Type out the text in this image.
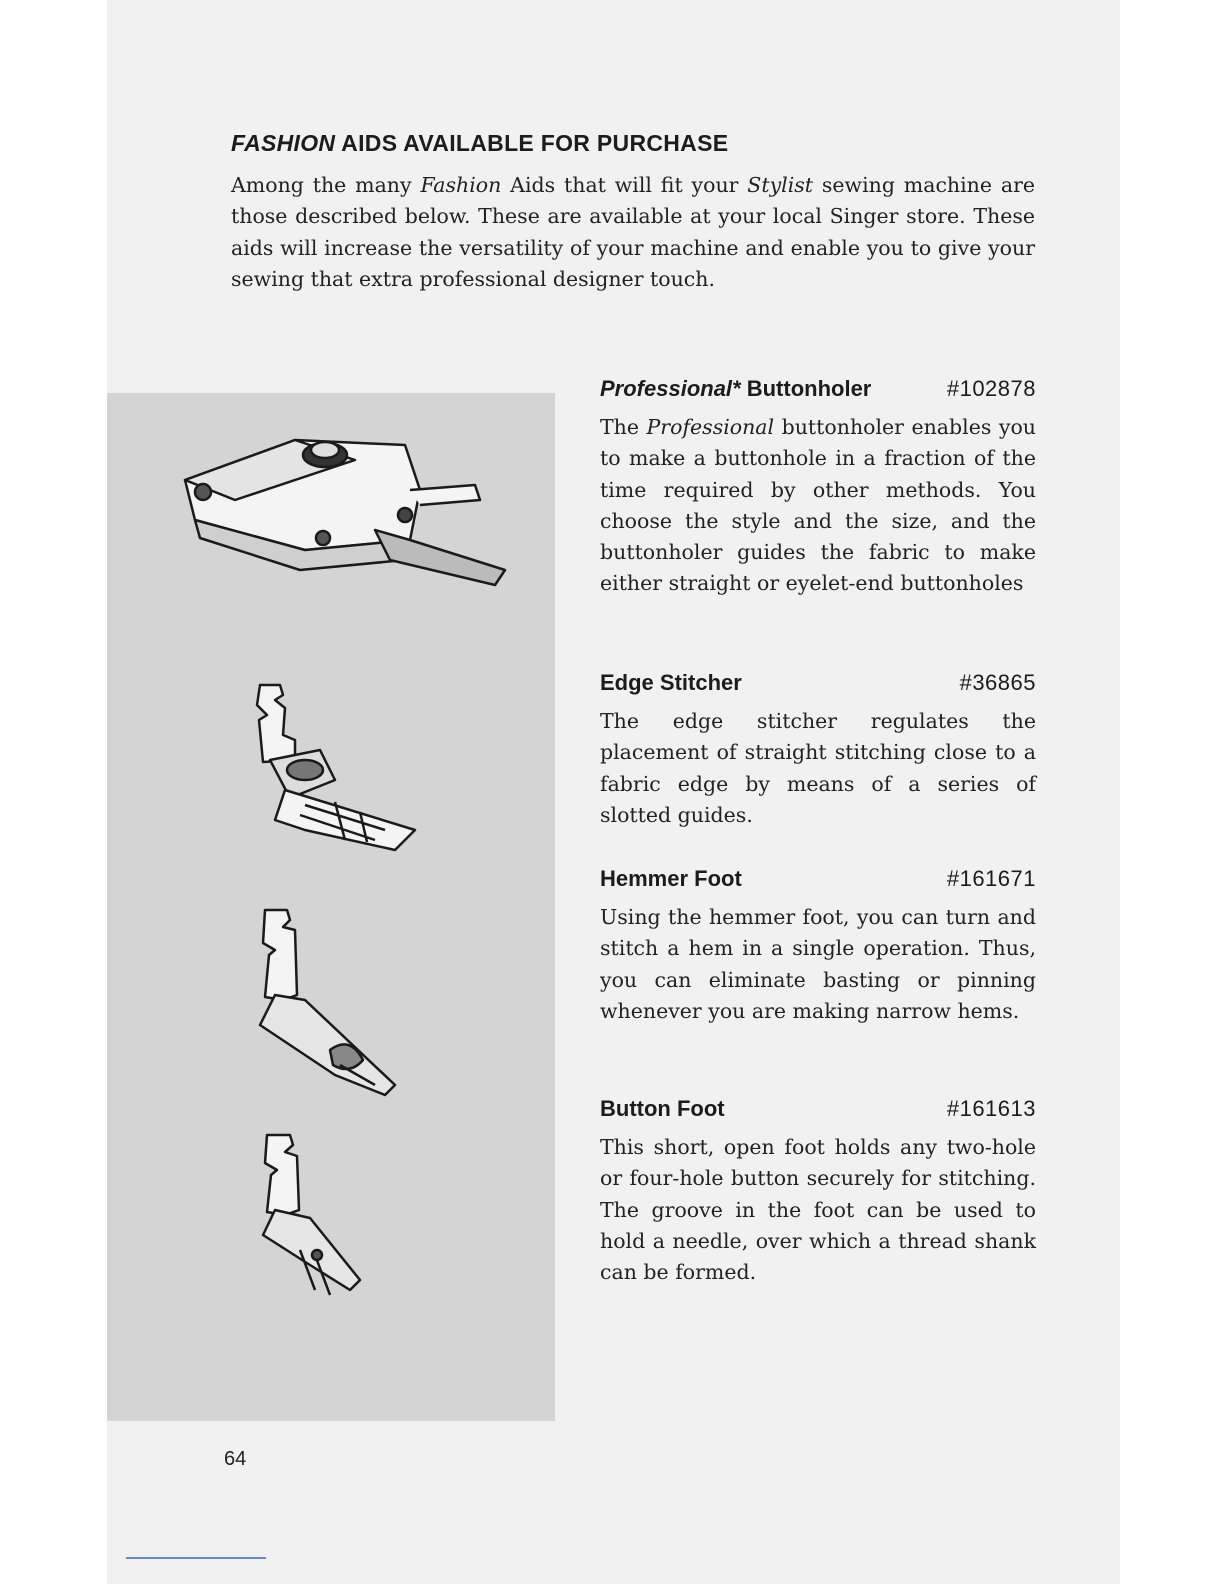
FASHION AIDS AVAILABLE FOR PURCHASE
Among the many Fashion Aids that will fit your Stylist sewing machine are those described below. These are available at your local Singer store. These aids will increase the versatility of your machine and enable you to give your sewing that extra professional designer touch.
Professional* Buttonholer	#102878
The Professional buttonholer enables you to make a buttonhole in a fraction of the time required by other methods. You choose the style and the size, and the buttonholer guides the fabric to make either straight or eyelet-end buttonholes
Edge Stitcher	#36865
The edge stitcher regulates the placement of straight stitching close to a fabric edge by means of a series of slotted guides.
Hemmer Foot	#161671
Using the hemmer foot, you can turn and stitch a hem in a single operation. Thus, you can eliminate basting or pinning whenever you are making narrow hems.
Button Foot	#161613
This short, open foot holds any two-hole or four-hole button securely for stitching. The groove in the foot can be used to hold a needle, over which a thread shank can be formed.
64
